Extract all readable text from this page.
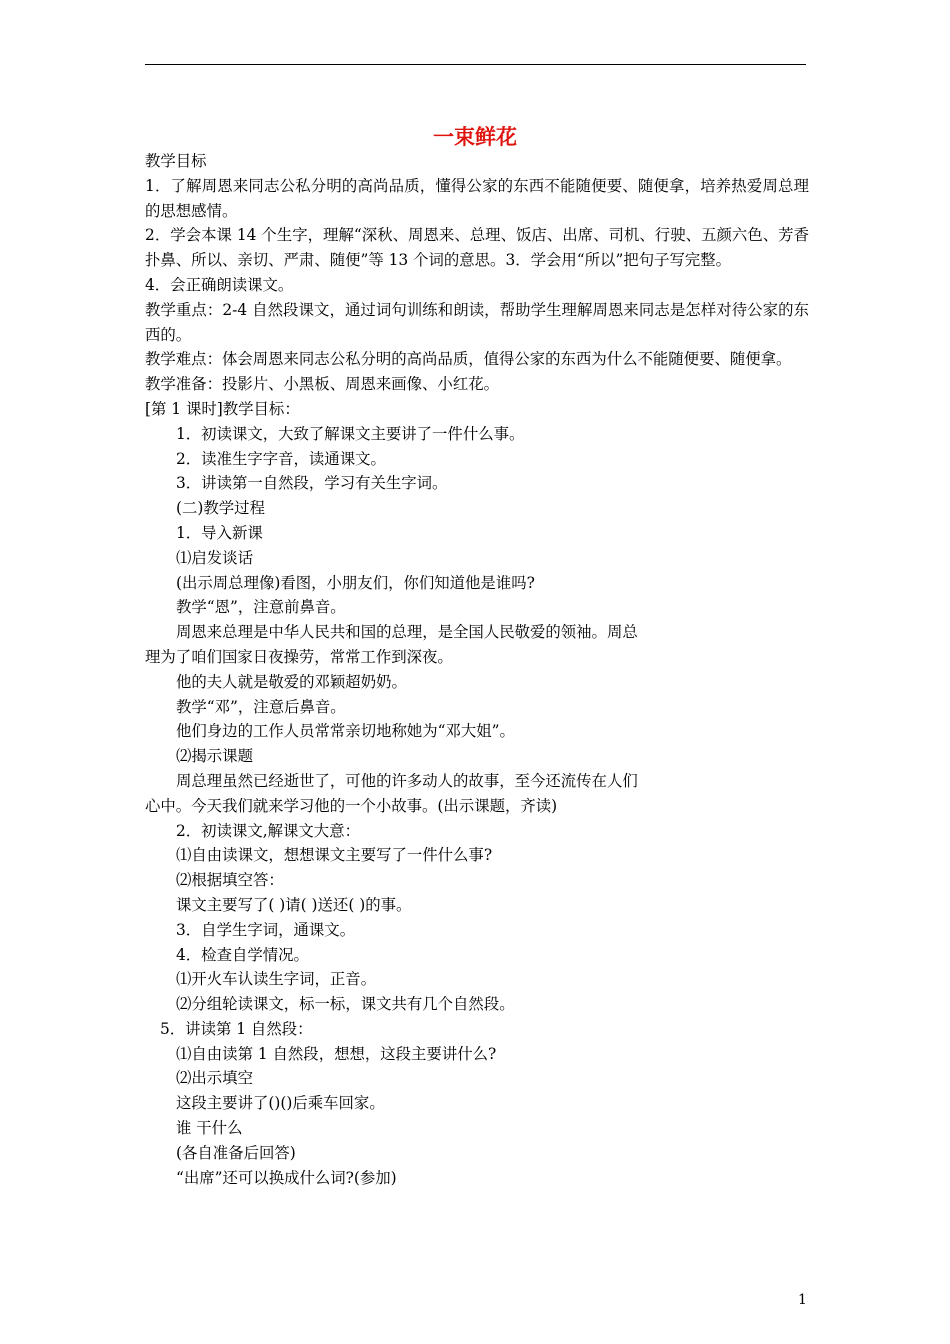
一束鲜花

教学目标

1．了解周恩来同志公私分明的高尚品质，懂得公家的东西不能随便要、随便拿，培养热爱周总理的思想感情。

2．学会本课 14 个生字，理解“深秋、周恩来、总理、饭店、出席、司机、行驶、五颜六色、芳香扑鼻、所以、亲切、严肃、随便”等 13 个词的意思。3．学会用“所以”把句子写完整。

4．会正确朗读课文。

教学重点：2-4 自然段课文，通过词句训练和朗读，帮助学生理解周恩来同志是怎样对待公家的东西的。

教学难点：体会周恩来同志公私分明的高尚品质，值得公家的东西为什么不能随便要、随便拿。

教学准备：投影片、小黑板、周恩来画像、小红花。

[第 1 课时]教学目标：

1．初读课文，大致了解课文主要讲了一件什么事。

2．读准生字字音，读通课文。

3．讲读第一自然段，学习有关生字词。

(二)教学过程

1．导入新课

⑴启发谈话

(出示周总理像)看图，小朋友们，你们知道他是谁吗?

教学“恩”，注意前鼻音。

周恩来总理是中华人民共和国的总理，是全国人民敬爱的领袖。周总

理为了咱们国家日夜操劳，常常工作到深夜。

他的夫人就是敬爱的邓颖超奶奶。

教学“邓”，注意后鼻音。

他们身边的工作人员常常亲切地称她为“邓大姐”。

⑵揭示课题

周总理虽然已经逝世了，可他的许多动人的故事，至今还流传在人们

心中。今天我们就来学习他的一个小故事。(出示课题，齐读)

2．初读课文,解课文大意：

⑴自由读课文，想想课文主要写了一件什么事?

⑵根据填空答：

课文主要写了( )请( )送还( )的事。

3．自学生字词，通课文。

4．检查自学情况。

⑴开火车认读生字词，正音。

⑵分组轮读课文，标一标，课文共有几个自然段。

5．讲读第 1 自然段：

⑴自由读第 1 自然段，想想，这段主要讲什么?

⑵出示填空

这段主要讲了()()后乘车回家。

谁 干什么

(各自准备后回答)

“出席”还可以换成什么词?(参加)

1
